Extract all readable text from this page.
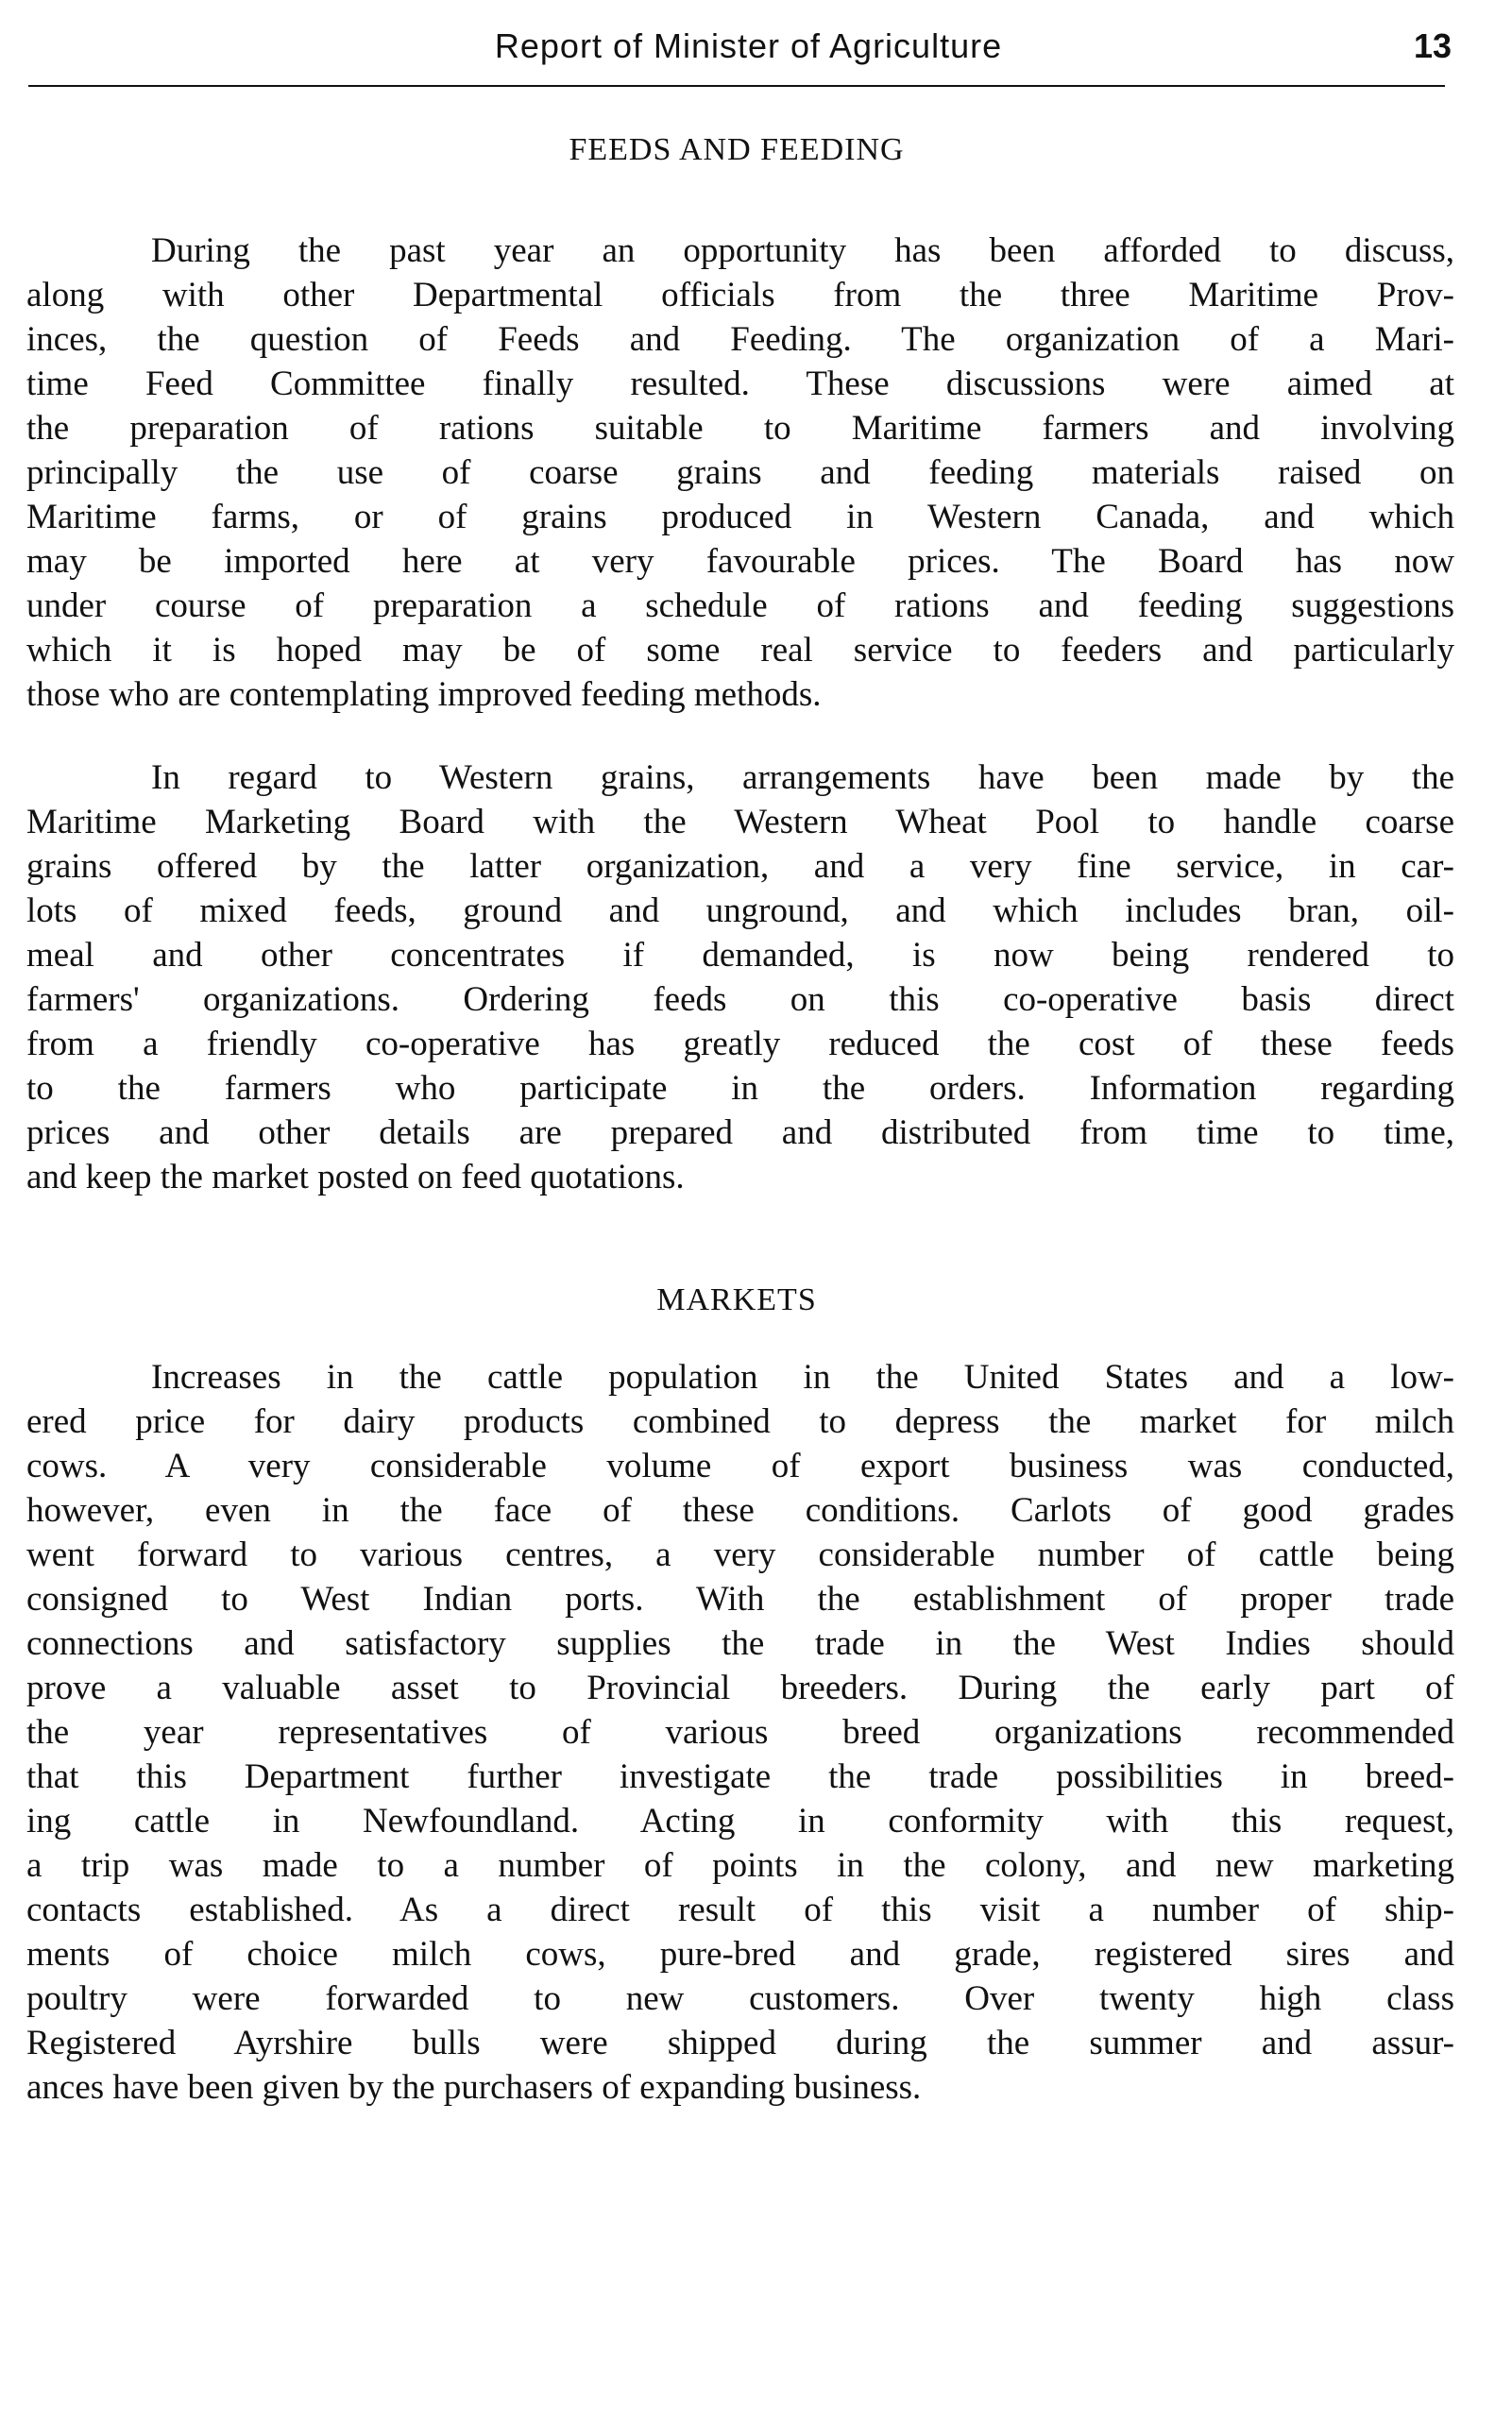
Report of Minister of Agriculture	13
FEEDS AND FEEDING
During the past year an opportunity has been afforded to discuss,
along with other Departmental officials from the three Maritime Prov-
inces, the question of Feeds and Feeding. The organization of a Mari-
time Feed Committee finally resulted. These discussions were aimed at
the preparation of rations suitable to Maritime farmers and involving
principally the use of coarse grains and feeding materials raised on
Maritime farms, or of grains produced in Western Canada, and which
may be imported here at very favourable prices. The Board has now
under course of preparation a schedule of rations and feeding suggestions
which it is hoped may be of some real service to feeders and particularly
those who are contemplating improved feeding methods.
In regard to Western grains, arrangements have been made by the
Maritime Marketing Board with the Western Wheat Pool to handle coarse
grains offered by the latter organization, and a very fine service, in car-
lots of mixed feeds, ground and unground, and which includes bran, oil-
meal and other concentrates if demanded, is now being rendered to
farmers' organizations. Ordering feeds on this co-operative basis direct
from a friendly co-operative has greatly reduced the cost of these feeds
to the farmers who participate in the orders. Information regarding
prices and other details are prepared and distributed from time to time,
and keep the market posted on feed quotations.
MARKETS
Increases in the cattle population in the United States and a low-
ered price for dairy products combined to depress the market for milch
cows. A very considerable volume of export business was conducted,
however, even in the face of these conditions. Carlots of good grades
went forward to various centres, a very considerable number of cattle being
consigned to West Indian ports. With the establishment of proper trade
connections and satisfactory supplies the trade in the West Indies should
prove a valuable asset to Provincial breeders. During the early part of
the year representatives of various breed organizations recommended
that this Department further investigate the trade possibilities in breed-
ing cattle in Newfoundland. Acting in conformity with this request,
a trip was made to a number of points in the colony, and new marketing
contacts established. As a direct result of this visit a number of ship-
ments of choice milch cows, pure-bred and grade, registered sires and
poultry were forwarded to new customers. Over twenty high class
Registered Ayrshire bulls were shipped during the summer and assur-
ances have been given by the purchasers of expanding business.
